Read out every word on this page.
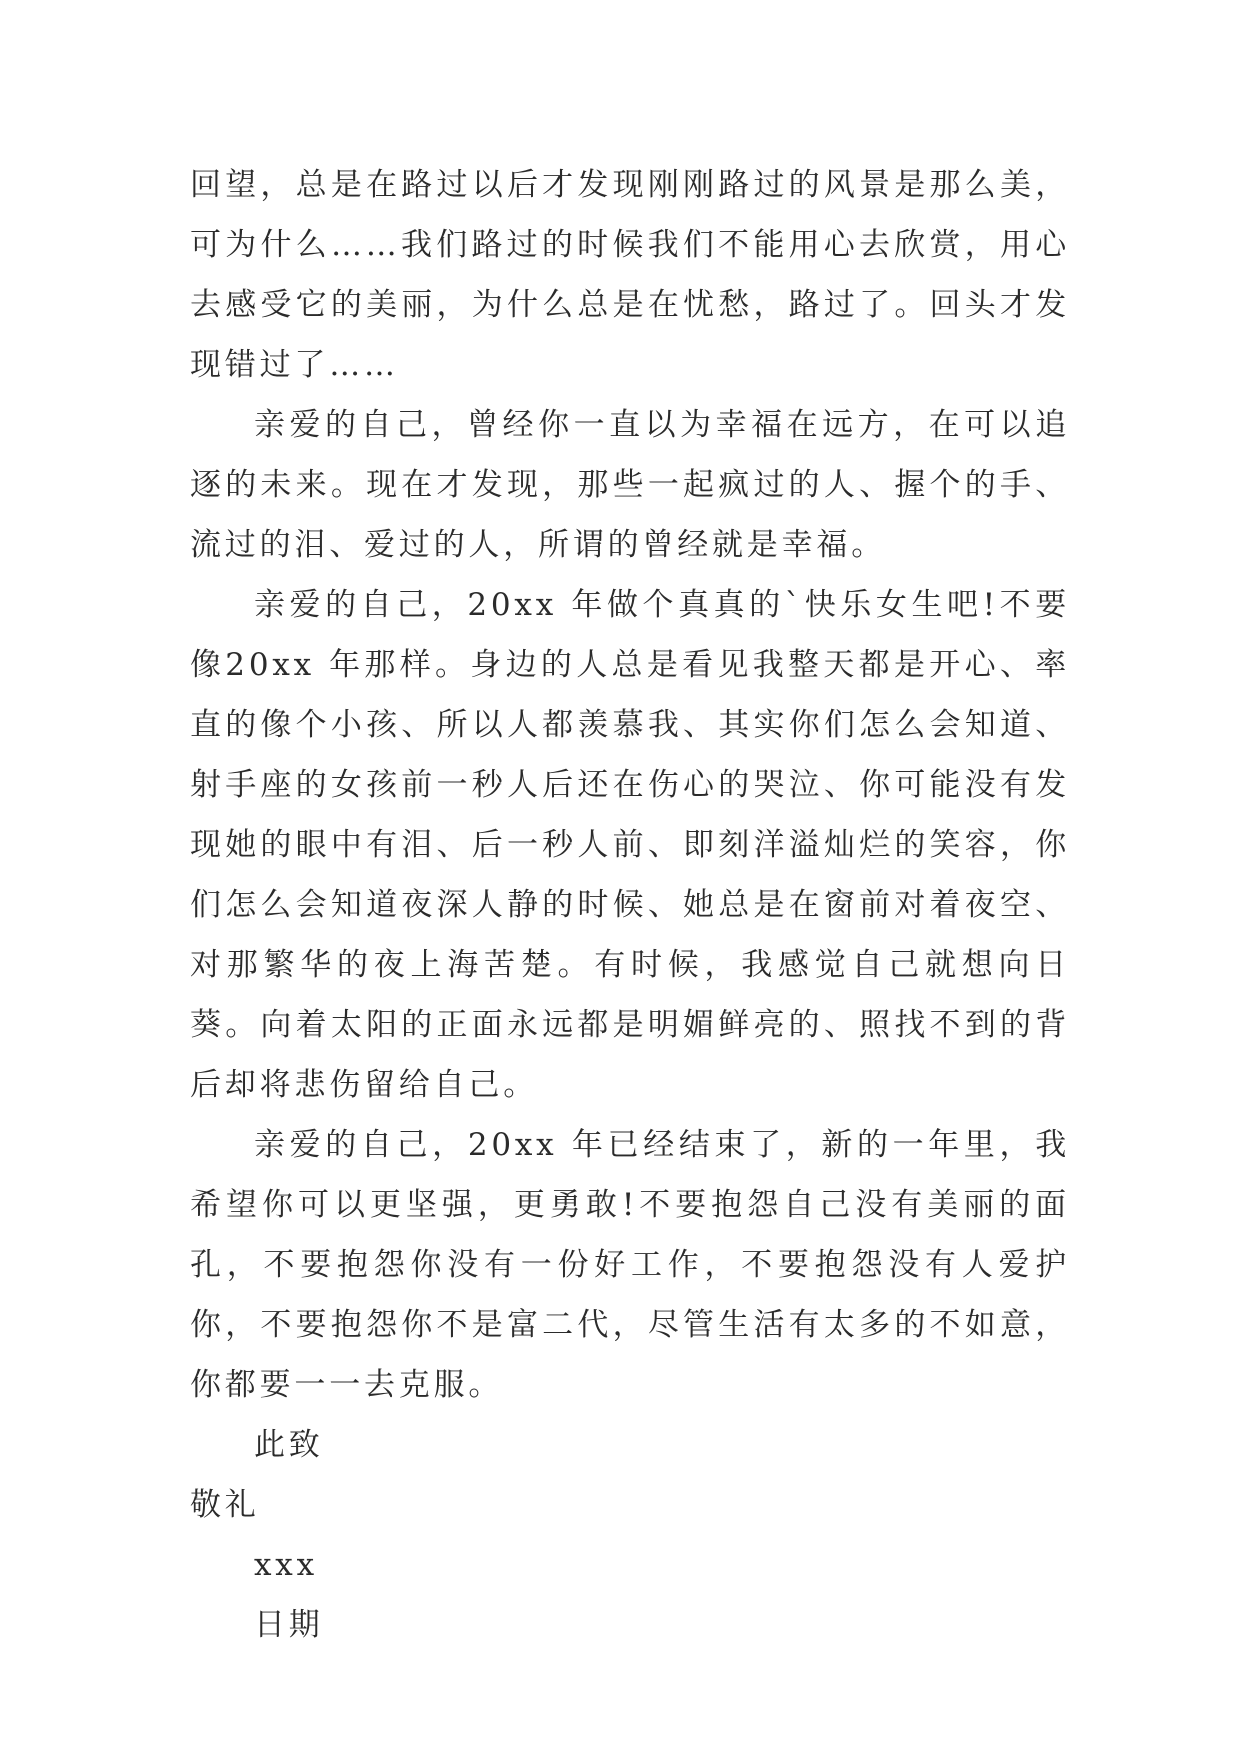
回望，总是在路过以后才发现刚刚路过的风景是那么美，可为什么……我们路过的时候我们不能用心去欣赏，用心去感受它的美丽，为什么总是在忧愁，路过了。回头才发现错过了……

亲爱的自己，曾经你一直以为幸福在远方，在可以追逐的未来。现在才发现，那些一起疯过的人、握个的手、流过的泪、爱过的人，所谓的曾经就是幸福。

亲爱的自己，20xx 年做个真真的`快乐女生吧!不要像20xx 年那样。身边的人总是看见我整天都是开心、率直的像个小孩、所以人都羡慕我、其实你们怎么会知道、射手座的女孩前一秒人后还在伤心的哭泣、你可能没有发现她的眼中有泪、后一秒人前、即刻洋溢灿烂的笑容，你们怎么会知道夜深人静的时候、她总是在窗前对着夜空、对那繁华的夜上海苦楚。有时候，我感觉自己就想向日葵。向着太阳的正面永远都是明媚鲜亮的、照找不到的背后却将悲伤留给自己。

亲爱的自己，20xx 年已经结束了，新的一年里，我希望你可以更坚强，更勇敢!不要抱怨自己没有美丽的面孔，不要抱怨你没有一份好工作，不要抱怨没有人爱护你，不要抱怨你不是富二代，尽管生活有太多的不如意，你都要一一去克服。

此致

敬礼

xxx

日期
